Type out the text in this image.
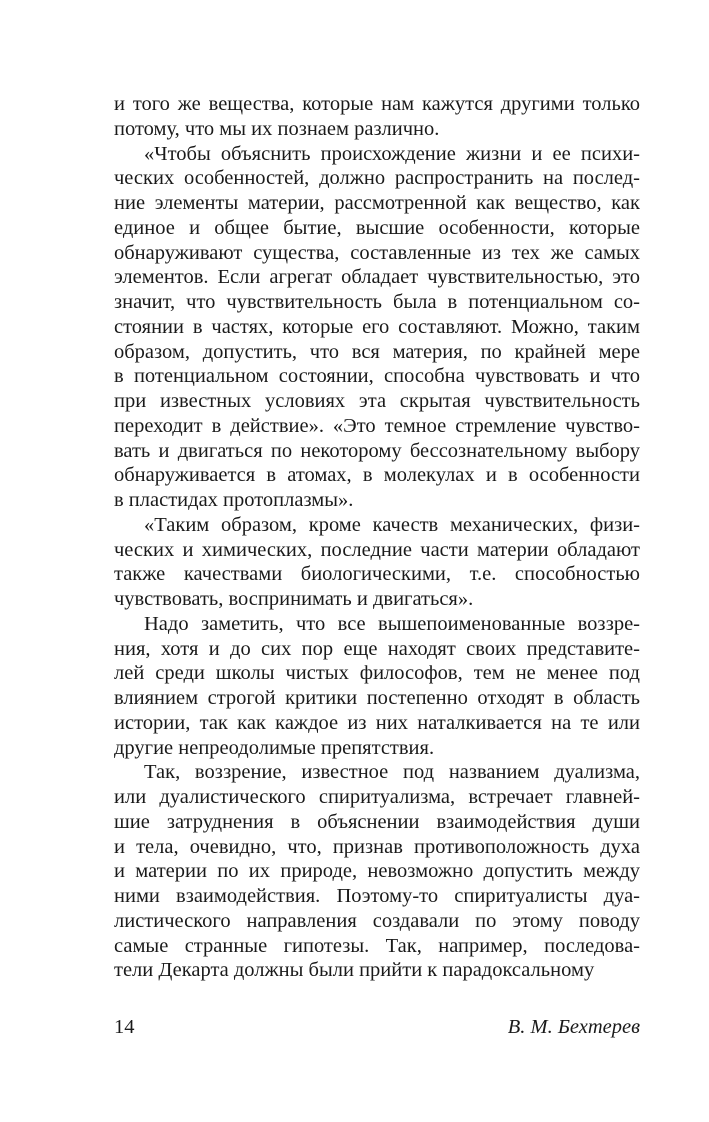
и того же вещества, которые нам кажутся другими только
потому, что мы их познаем различно.
«Чтобы объяснить происхождение жизни и ее психи-
ческих особенностей, должно распространить на послед-
ние элементы материи, рассмотренной как вещество, как
единое и общее бытие, высшие особенности, которые
обнаруживают существа, составленные из тех же самых
элементов. Если агрегат обладает чувствительностью, это
значит, что чувствительность была в потенциальном со-
стоянии в частях, которые его составляют. Можно, таким
образом, допустить, что вся материя, по крайней мере
в потенциальном состоянии, способна чувствовать и что
при известных условиях эта скрытая чувствительность
переходит в действие». «Это темное стремление чувство-
вать и двигаться по некоторому бессознательному выбору
обнаруживается в атомах, в молекулах и в особенности
в пластидах протоплазмы».
«Таким образом, кроме качеств механических, физи-
ческих и химических, последние части материи обладают
также качествами биологическими, т.е. способностью
чувствовать, воспринимать и двигаться».
Надо заметить, что все вышепоименованные воззре-
ния, хотя и до сих пор еще находят своих представите-
лей среди школы чистых философов, тем не менее под
влиянием строгой критики постепенно отходят в область
истории, так как каждое из них наталкивается на те или
другие непреодолимые препятствия.
Так, воззрение, известное под названием дуализма,
или дуалистического спиритуализма, встречает главней-
шие затруднения в объяснении взаимодействия души
и тела, очевидно, что, признав противоположность духа
и материи по их природе, невозможно допустить между
ними взаимодействия. Поэтому-то спиритуалисты дуа-
листического направления создавали по этому поводу
самые странные гипотезы. Так, например, последова-
тели Декарта должны были прийти к парадоксальному
14	В. М. Бехтерев
